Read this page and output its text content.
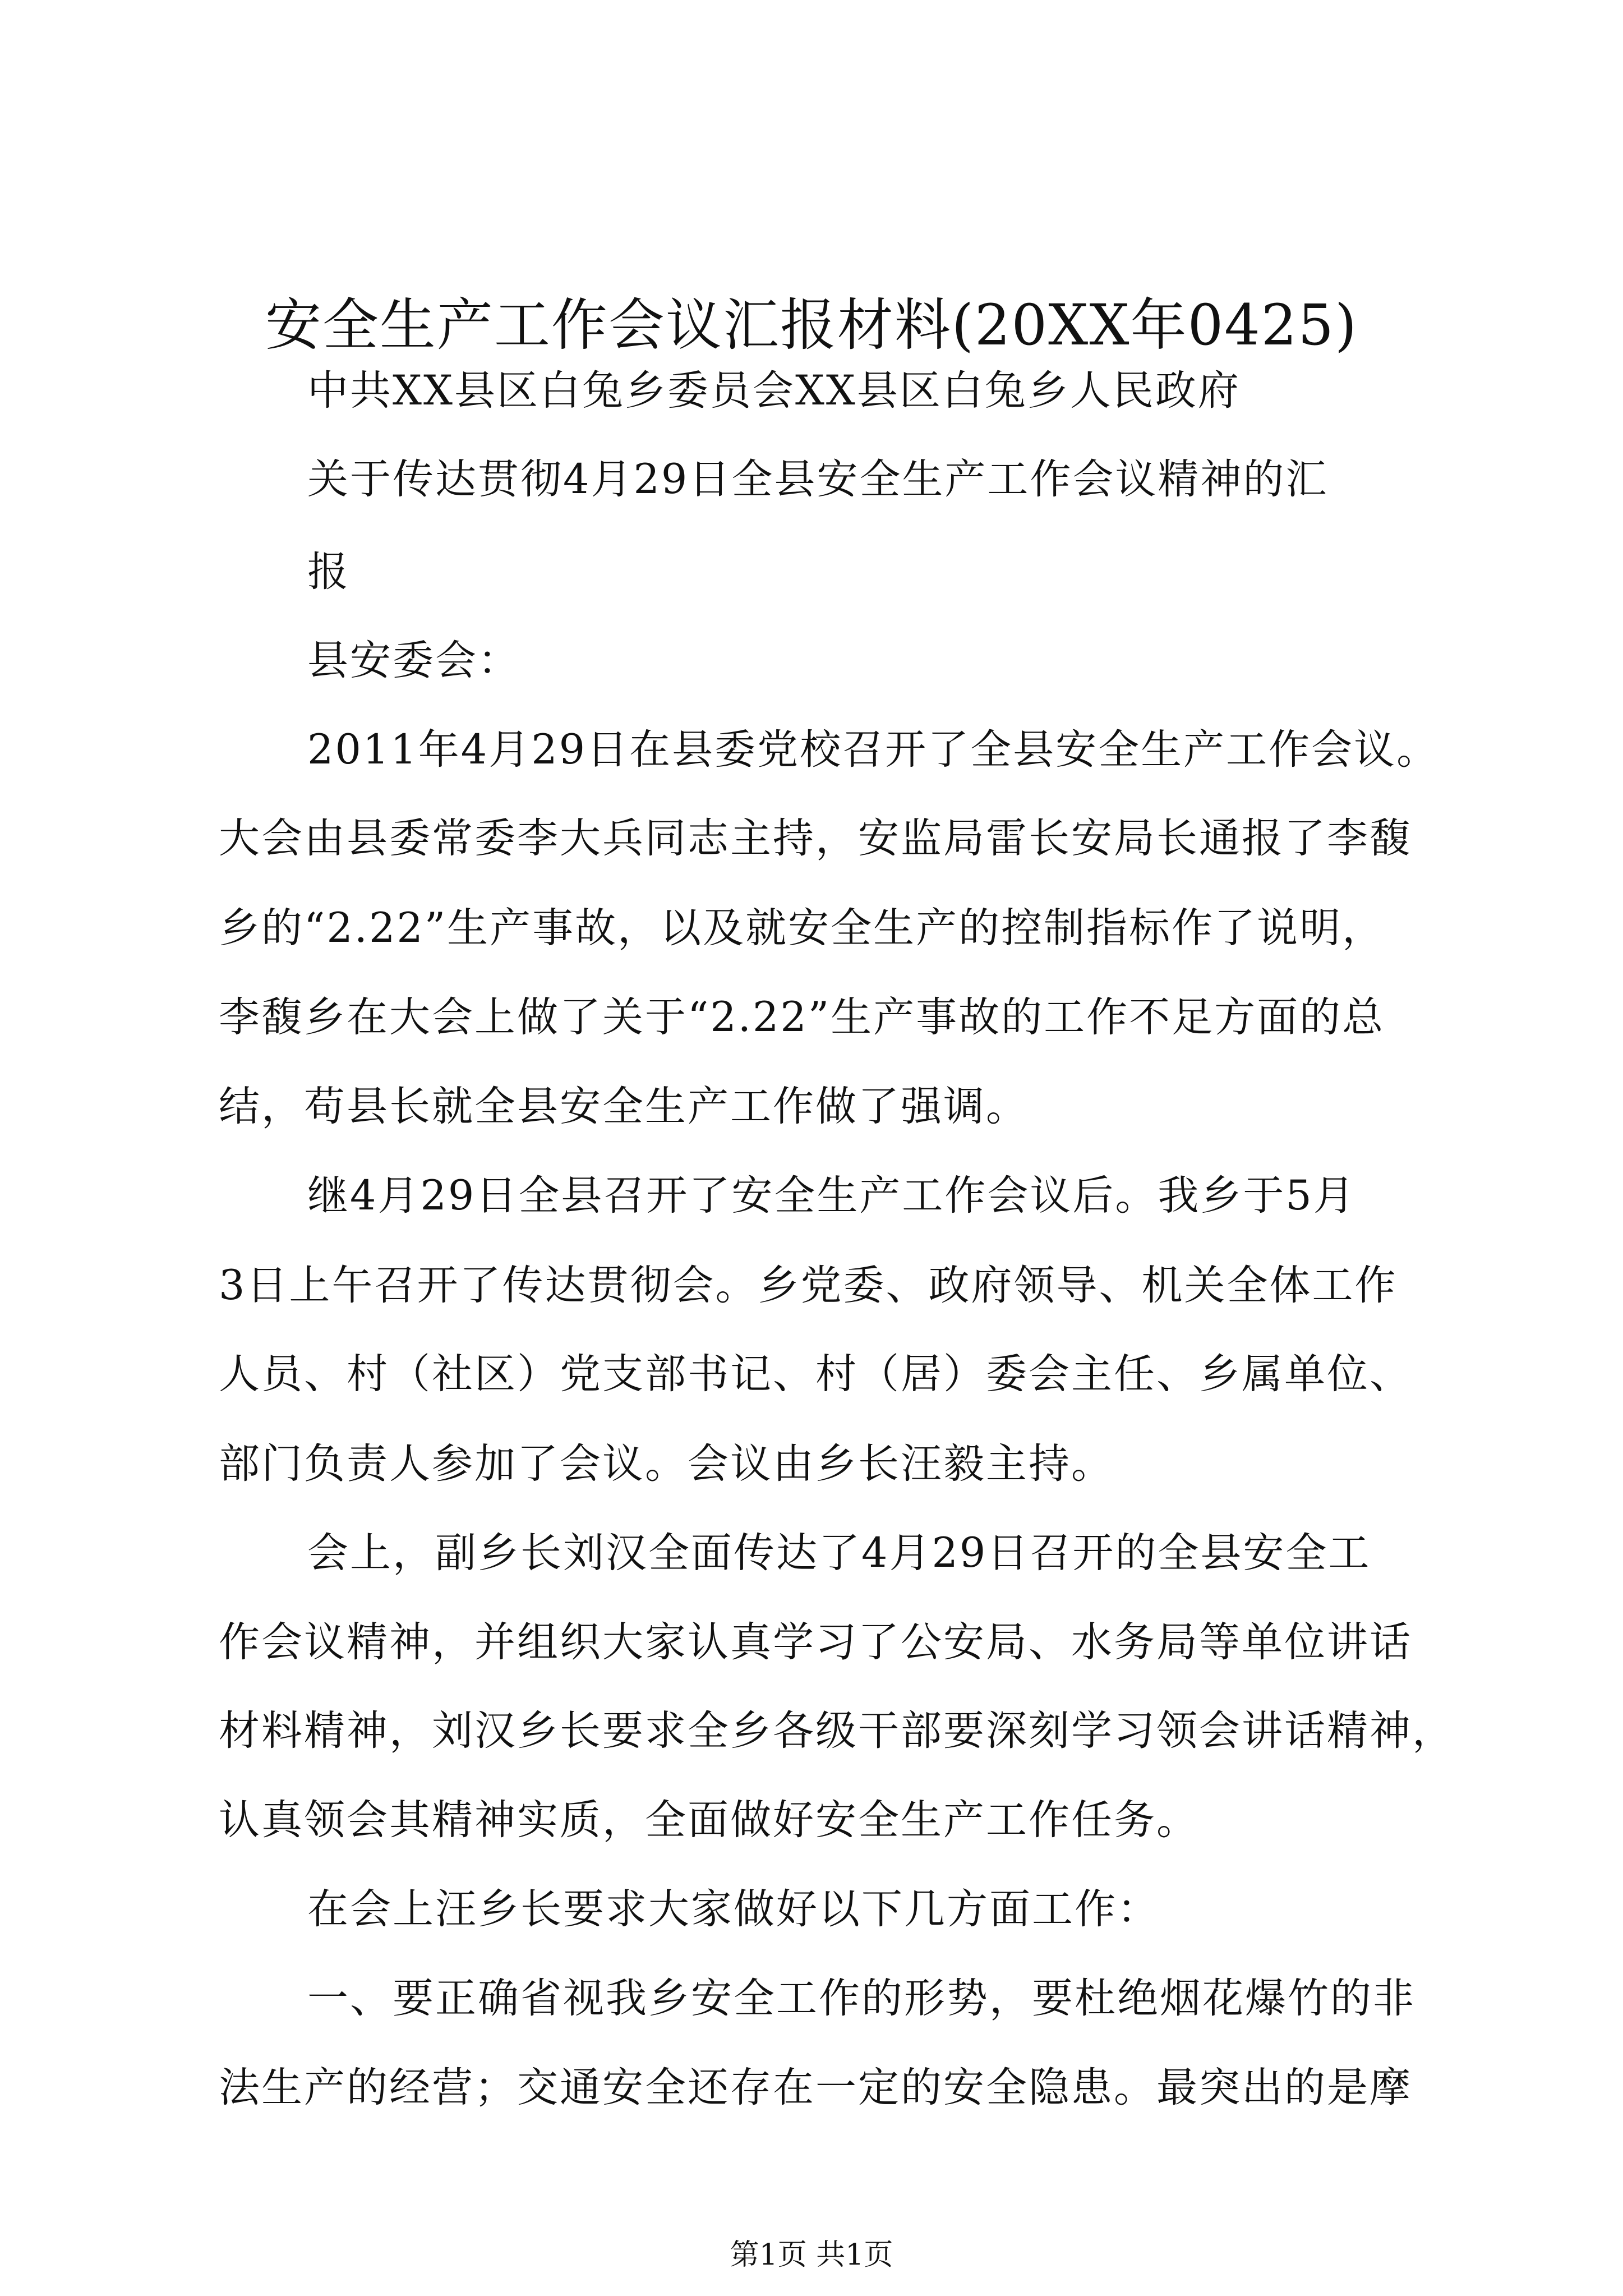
安全生产工作会议汇报材料(20XX年0425)
中共XX县区白兔乡委员会XX县区白兔乡人民政府
关于传达贯彻4月29日全县安全生产工作会议精神的汇
报
县安委会：
2011年4月29日在县委党校召开了全县安全生产工作会议。
大会由县委常委李大兵同志主持，安监局雷长安局长通报了李馥
乡的“2.22”生产事故，以及就安全生产的控制指标作了说明，
李馥乡在大会上做了关于“2.22”生产事故的工作不足方面的总
结，苟县长就全县安全生产工作做了强调。
继4月29日全县召开了安全生产工作会议后。我乡于5月
3日上午召开了传达贯彻会。乡党委、政府领导、机关全体工作
人员、村（社区）党支部书记、村（居）委会主任、乡属单位、
部门负责人参加了会议。会议由乡长汪毅主持。
会上，副乡长刘汉全面传达了4月29日召开的全县安全工
作会议精神，并组织大家认真学习了公安局、水务局等单位讲话
材料精神，刘汉乡长要求全乡各级干部要深刻学习领会讲话精神，
认真领会其精神实质，全面做好安全生产工作任务。
在会上汪乡长要求大家做好以下几方面工作：
一、要正确省视我乡安全工作的形势，要杜绝烟花爆竹的非
法生产的经营；交通安全还存在一定的安全隐患。最突出的是摩
第1页 共1页
